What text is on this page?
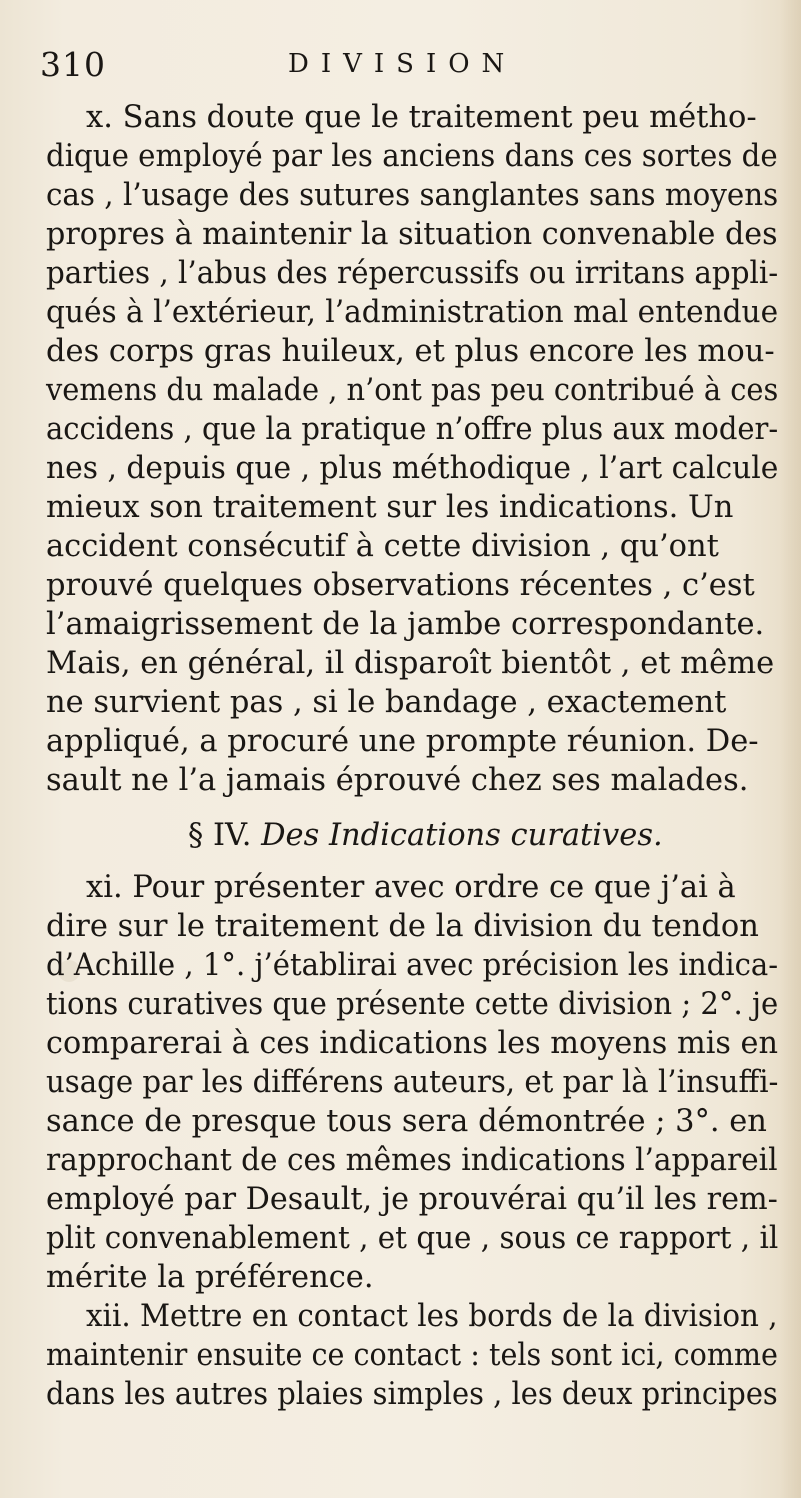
310	DIVISION
x. Sans doute que le traitement peu métho-
dique employé par les anciens dans ces sortes de
cas , l’usage des sutures sanglantes sans moyens
propres à maintenir la situation convenable des
parties , l’abus des répercussifs ou irritans appli-
qués à l’extérieur, l’administration mal entendue
des corps gras huileux, et plus encore les mou-
vemens du malade , n’ont pas peu contribué à ces
accidens , que la pratique n’offre plus aux moder-
nes , depuis que , plus méthodique , l’art calcule
mieux son traitement sur les indications. Un
accident consécutif à cette division , qu’ont
prouvé quelques observations récentes , c’est
l’amaigrissement de la jambe correspondante.
Mais, en général, il disparoît bientôt , et même
ne survient pas , si le bandage , exactement
appliqué, a procuré une prompte réunion. De-
sault ne l’a jamais éprouvé chez ses malades.
§ IV. Des Indications curatives.
xi. Pour présenter avec ordre ce que j’ai à
dire sur le traitement de la division du tendon
d’Achille , 1°. j’établirai avec précision les indica-
tions curatives que présente cette division ; 2°. je
comparerai à ces indications les moyens mis en
usage par les différens auteurs, et par là l’insuffi-
sance de presque tous sera démontrée ; 3°. en
rapprochant de ces mêmes indications l’appareil
employé par Desault, je prouvérai qu’il les rem-
plit convenablement , et que , sous ce rapport , il
mérite la préférence.
xii. Mettre en contact les bords de la division ,
maintenir ensuite ce contact : tels sont ici, comme
dans les autres plaies simples , les deux principes
